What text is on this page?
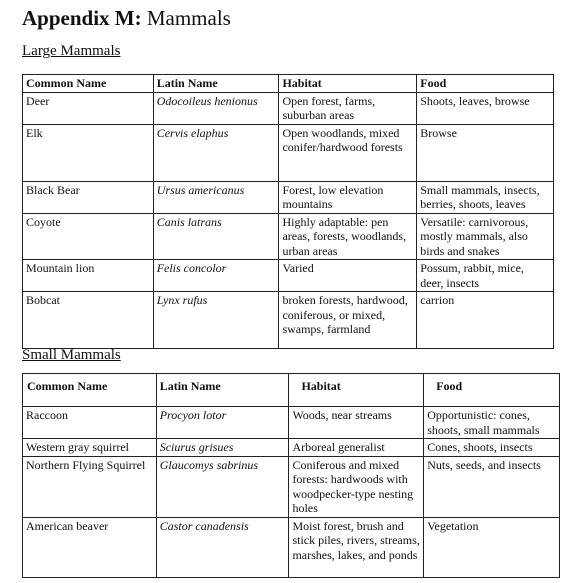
Appendix M: Mammals
Large Mammals
Common Name	Latin Name	Habitat	Food
Deer	Odocoileus henionus	Open forest, farms, suburban areas	Shoots, leaves, browse
Elk	Cervis elaphus	Open woodlands, mixed conifer/hardwood forests	Browse
Black Bear	Ursus americanus	Forest, low elevation mountains	Small mammals, insects, berries, shoots, leaves
Coyote	Canis latrans	Highly adaptable: pen areas, forests, woodlands, urban areas	Versatile: carnivorous, mostly mammals, also birds and snakes
Mountain lion	Felis concolor	Varied	Possum, rabbit, mice, deer, insects
Bobcat	Lynx rufus	broken forests, hardwood, coniferous, or mixed, swamps, farmland	carrion
Small Mammals
Common Name	Latin Name	Habitat	Food
Raccoon	Procyon lotor	Woods, near streams	Opportunistic: cones, shoots, small mammals
Western gray squirrel	Sciurus grisues	Arboreal generalist	Cones, shoots, insects
Northern Flying Squirrel	Glaucomys sabrinus	Coniferous and mixed forests: hardwoods with woodpecker-type nesting holes	Nuts, seeds, and insects
American beaver	Castor canadensis	Moist forest, brush and stick piles, rivers, streams, marshes, lakes, and ponds	Vegetation
